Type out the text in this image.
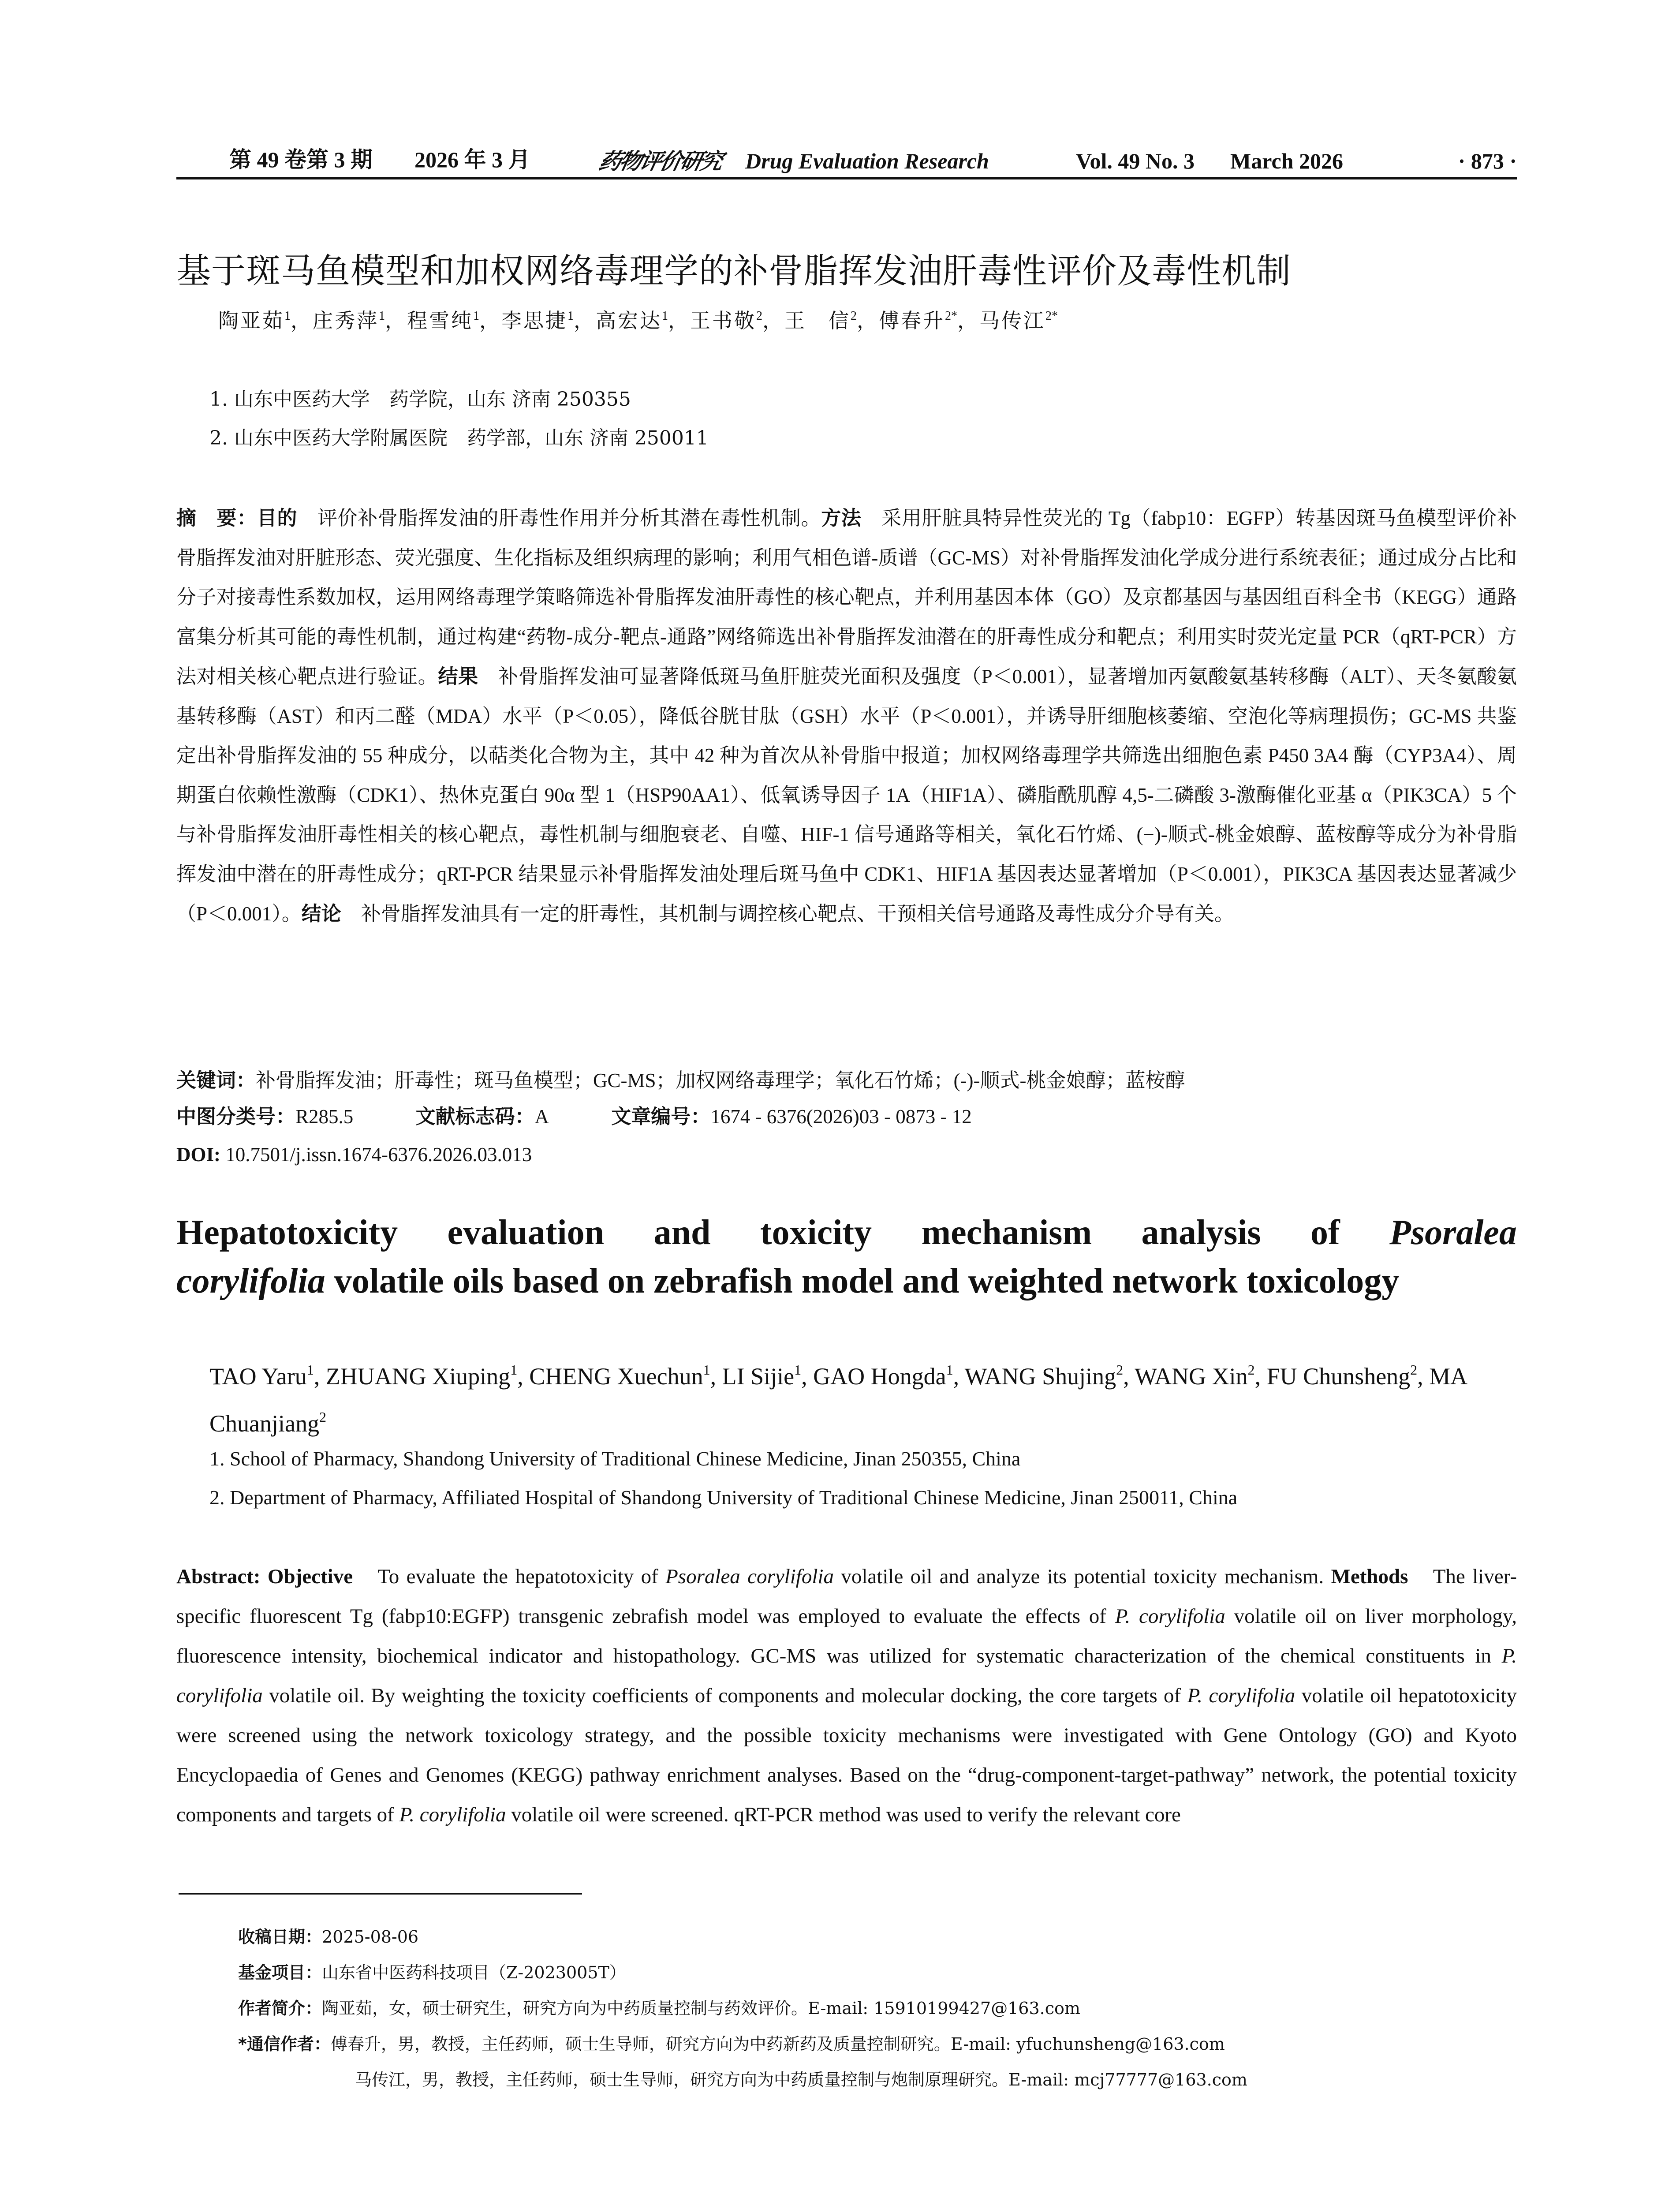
第 49 卷第 3 期 2026 年 3 月	药物评价研究 Drug Evaluation Research	Vol. 49 No. 3 March 2026	· 873 ·
基于斑马鱼模型和加权网络毒理学的补骨脂挥发油肝毒性评价及毒性机制
陶亚茹$^1$，庄秀萍$^1$，程雪纯$^1$，李思捷$^1$，高宏达$^1$，王书敬$^2$，王　信$^2$，傅春升$^{2*}$，马传江$^{2*}$
1. 山东中医药大学　药学院，山东 济南 250355
2. 山东中医药大学附属医院　药学部，山东 济南 250011
摘　要：目的　评价补骨脂挥发油的肝毒性作用并分析其潜在毒性机制。方法　采用肝脏具特异性荧光的 Tg（fabp10：EGFP）转基因斑马鱼模型评价补骨脂挥发油对肝脏形态、荧光强度、生化指标及组织病理的影响；利用气相色谱-质谱（GC-MS）对补骨脂挥发油化学成分进行系统表征；通过成分占比和分子对接毒性系数加权，运用网络毒理学策略筛选补骨脂挥发油肝毒性的核心靶点，并利用基因本体（GO）及京都基因与基因组百科全书（KEGG）通路富集分析其可能的毒性机制，通过构建“药物-成分-靶点-通路”网络筛选出补骨脂挥发油潜在的肝毒性成分和靶点；利用实时荧光定量 PCR（qRT-PCR）方法对相关核心靶点进行验证。结果　补骨脂挥发油可显著降低斑马鱼肝脏荧光面积及强度（P＜0.001），显著增加丙氨酸氨基转移酶（ALT）、天冬氨酸氨基转移酶（AST）和丙二醛（MDA）水平（P＜0.05），降低谷胱甘肽（GSH）水平（P＜0.001），并诱导肝细胞核萎缩、空泡化等病理损伤；GC-MS 共鉴定出补骨脂挥发油的 55 种成分，以萜类化合物为主，其中 42 种为首次从补骨脂中报道；加权网络毒理学共筛选出细胞色素 P450 3A4 酶（CYP3A4）、周期蛋白依赖性激酶（CDK1）、热休克蛋白 90α 型 1（HSP90AA1）、低氧诱导因子 1A（HIF1A）、磷脂酰肌醇 4,5-二磷酸 3-激酶催化亚基 α（PIK3CA）5 个与补骨脂挥发油肝毒性相关的核心靶点，毒性机制与细胞衰老、自噬、HIF-1 信号通路等相关，氧化石竹烯、(−)-顺式-桃金娘醇、蓝桉醇等成分为补骨脂挥发油中潜在的肝毒性成分；qRT-PCR 结果显示补骨脂挥发油处理后斑马鱼中 CDK1、HIF1A 基因表达显著增加（P＜0.001），PIK3CA 基因表达显著减少（P＜0.001）。结论　补骨脂挥发油具有一定的肝毒性，其机制与调控核心靶点、干预相关信号通路及毒性成分介导有关。
关键词：补骨脂挥发油；肝毒性；斑马鱼模型；GC-MS；加权网络毒理学；氧化石竹烯；(-)-顺式-桃金娘醇；蓝桉醇
中图分类号：R285.5	文献标志码：A	文章编号：1674 - 6376(2026)03 - 0873 - 12
DOI: 10.7501/j.issn.1674-6376.2026.03.013
Hepatotoxicity evaluation and toxicity mechanism analysis of Psoralea
corylifolia volatile oils based on zebrafish model and weighted network toxicology
TAO Yaru$^1$, ZHUANG Xiuping$^1$, CHENG Xuechun$^1$, LI Sijie$^1$, GAO Hongda$^1$, WANG Shujing$^2$, WANG Xin$^2$, FU Chunsheng$^2$, MA Chuanjiang$^2$
1. School of Pharmacy, Shandong University of Traditional Chinese Medicine, Jinan 250355, China
2. Department of Pharmacy, Affiliated Hospital of Shandong University of Traditional Chinese Medicine, Jinan 250011, China
Abstract: Objective　To evaluate the hepatotoxicity of Psoralea corylifolia volatile oil and analyze its potential toxicity mechanism. Methods　The liver-specific fluorescent Tg (fabp10:EGFP) transgenic zebrafish model was employed to evaluate the effects of P. corylifolia volatile oil on liver morphology, fluorescence intensity, biochemical indicator and histopathology. GC-MS was utilized for systematic characterization of the chemical constituents in P. corylifolia volatile oil. By weighting the toxicity coefficients of components and molecular docking, the core targets of P. corylifolia volatile oil hepatotoxicity were screened using the network toxicology strategy, and the possible toxicity mechanisms were investigated with Gene Ontology (GO) and Kyoto Encyclopaedia of Genes and Genomes (KEGG) pathway enrichment analyses. Based on the “drug-component-target-pathway” network, the potential toxicity components and targets of P. corylifolia volatile oil were screened. qRT-PCR method was used to verify the relevant core
收稿日期：2025-08-06
基金项目：山东省中医药科技项目（Z-2023005T）
作者简介：陶亚茹，女，硕士研究生，研究方向为中药质量控制与药效评价。E-mail: 15910199427@163.com
*通信作者：傅春升，男，教授，主任药师，硕士生导师，研究方向为中药新药及质量控制研究。E-mail: yfuchunsheng@163.com
马传江，男，教授，主任药师，硕士生导师，研究方向为中药质量控制与炮制原理研究。E-mail: mcj77777@163.com
